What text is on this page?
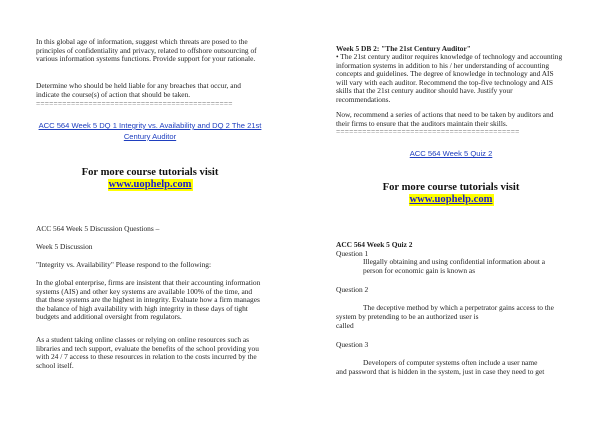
In this global age of information, suggest which threats are posed to the principles of confidentiality and privacy, related to offshore outsourcing of various information systems functions. Provide support for your rationale.

Determine who should be held liable for any breaches that occur, and indicate the course(s) of action that should be taken.

=============================================
ACC 564 Week 5 DQ 1 Integrity vs. Availability and DQ 2 The 21st Century Auditor
For more course tutorials visit
www.uophelp.com
ACC 564 Week 5 Discussion Questions –
Week 5 Discussion
"Integrity vs. Availability" Please respond to the following:

In the global enterprise, firms are insistent that their accounting information systems (AIS) and other key systems are available 100% of the time, and that these systems are the highest in integrity. Evaluate how a firm manages the balance of high availability with high integrity in these days of tight budgets and additional oversight from regulators.

As a student taking online classes or relying on online resources such as libraries and tech support, evaluate the benefits of the school providing you with 24 / 7 access to these resources in relation to the costs incurred by the school itself.

Week 5 DB 2: "The 21st Century Auditor"

• The 21st century auditor requires knowledge of technology and accounting information systems in addition to his / her understanding of accounting concepts and guidelines. The degree of knowledge in technology and AIS will vary with each auditor. Recommend the top-five technology and AIS skills that the 21st century auditor should have. Justify your recommendations.

Now, recommend a series of actions that need to be taken by auditors and their firms to ensure that the auditors maintain their skills.

==========================================
ACC 564 Week 5 Quiz 2
For more course tutorials visit
www.uophelp.com
ACC 564 Week 5 Quiz 2
Question 1

Illegally obtaining and using confidential information about a person for economic gain is known as

Question 2

The deceptive method by which a perpetrator gains access to the system by pretending to be an authorized user is

called
Question 3
Developers of computer systems often include a user name
and password that is hidden in the system, just in case they need to get
